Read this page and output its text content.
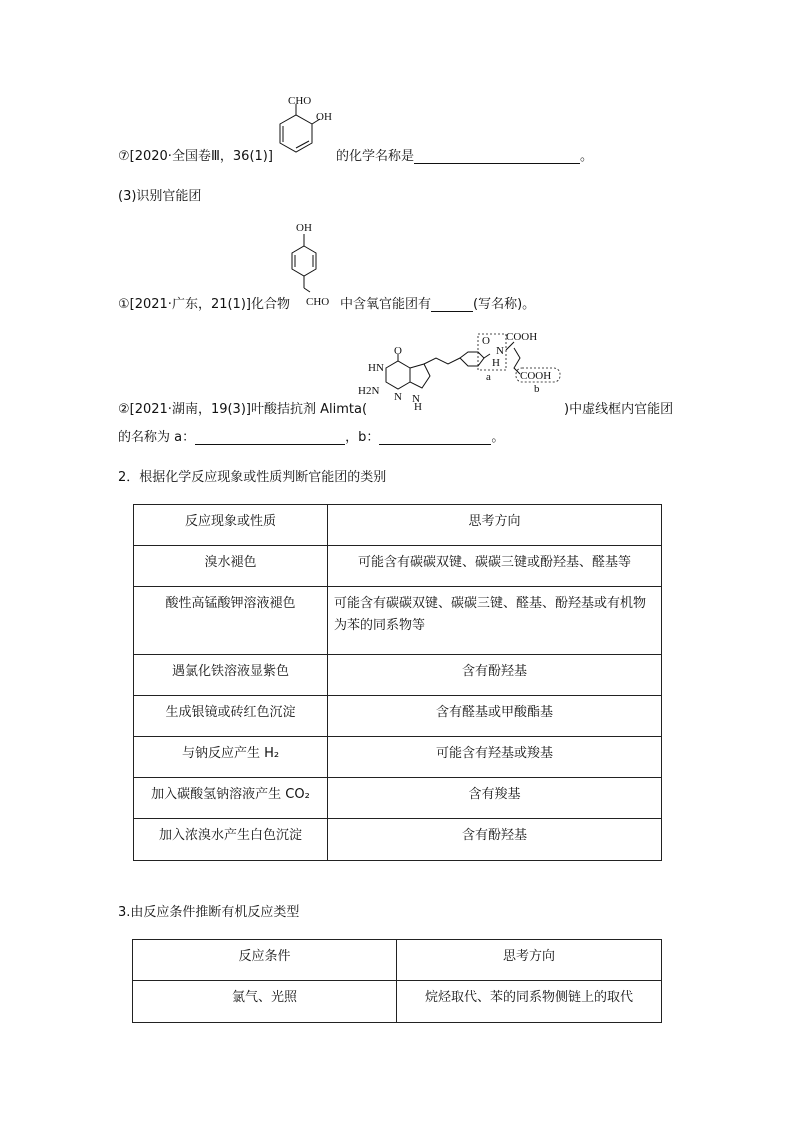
⑦[2020·全国卷Ⅲ，36(1)]
CHO
OH
的化学名称是	。
(3)识别官能团
①[2021·广东，21(1)]化合物
OH
CHO 中含氧官能团有	(写名称)。
②[2021·湖南，19(3)]叶酸拮抗剂 Alimta(
O
HN
H2N N N
H
O
N
H
a
COOH
COOH
b
)中虚线框内官能团
的名称为 a：	，b：	。
2．根据化学反应现象或性质判断官能团的类别
反应现象或性质	思考方向
溴水褪色	可能含有碳碳双键、碳碳三键或酚羟基、醛基等
酸性高锰酸钾溶液褪色	可能含有碳碳双键、碳碳三键、醛基、酚羟基或有机物为苯的同系物等
遇氯化铁溶液显紫色	含有酚羟基
生成银镜或砖红色沉淀	含有醛基或甲酸酯基
与钠反应产生 H₂	可能含有羟基或羧基
加入碳酸氢钠溶液产生 CO₂	含有羧基
加入浓溴水产生白色沉淀	含有酚羟基
3.由反应条件推断有机反应类型
反应条件	思考方向
氯气、光照	烷烃取代、苯的同系物侧链上的取代
